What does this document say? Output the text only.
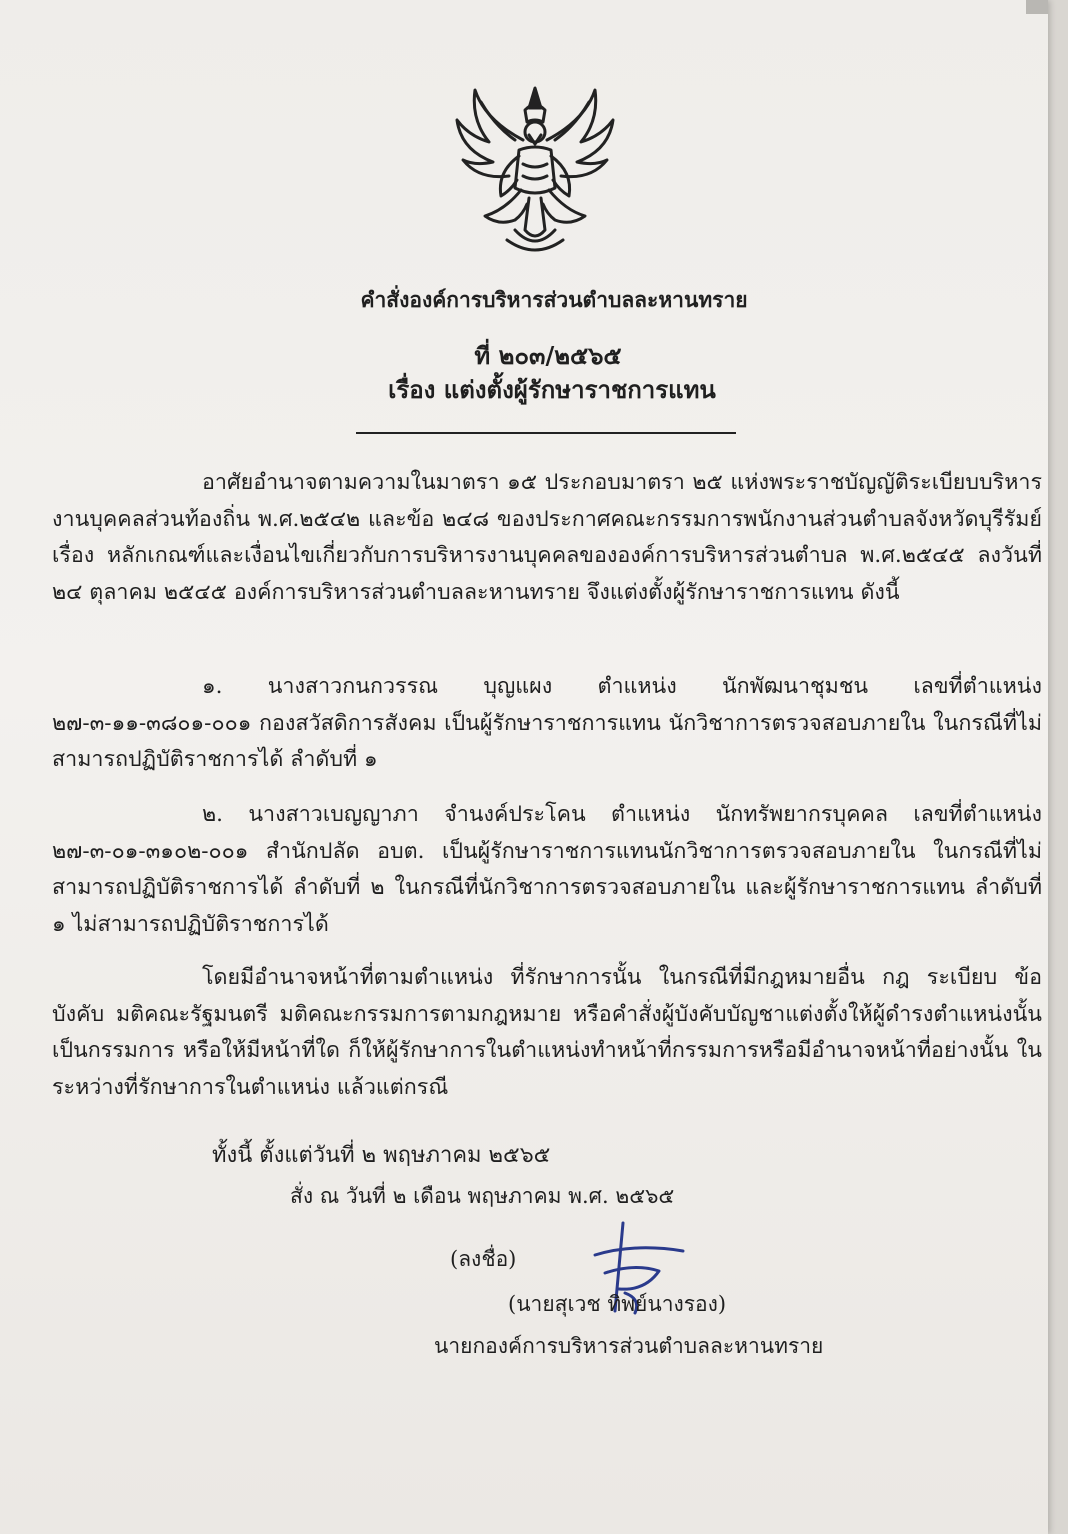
คำสั่งองค์การบริหารส่วนตำบลละหานทราย
ที่ ๒๐๓/๒๕๖๕
เรื่อง แต่งตั้งผู้รักษาราชการแทน
อาศัยอำนาจตามความในมาตรา ๑๕ ประกอบมาตรา ๒๕ แห่งพระราชบัญญัติระเบียบบริหารงานบุคคลส่วนท้องถิ่น พ.ศ.๒๕๔๒ และข้อ ๒๔๘ ของประกาศคณะกรรมการพนักงานส่วนตำบลจังหวัดบุรีรัมย์ เรื่อง หลักเกณฑ์และเงื่อนไขเกี่ยวกับการบริหารงานบุคคลขององค์การบริหารส่วนตำบล พ.ศ.๒๕๔๕ ลงวันที่ ๒๔ ตุลาคม ๒๕๔๕ องค์การบริหารส่วนตำบลละหานทราย จึงแต่งตั้งผู้รักษาราชการแทน ดังนี้
๑. นางสาวกนกวรรณ บุญแผง ตำแหน่ง นักพัฒนาชุมชน เลขที่ตำแหน่ง ๒๗-๓-๑๑-๓๘๐๑-๐๐๑ กองสวัสดิการสังคม เป็นผู้รักษาราชการแทน นักวิชาการตรวจสอบภายใน ในกรณีที่ไม่สามารถปฏิบัติราชการได้ ลำดับที่ ๑
๒. นางสาวเบญญาภา จำนงค์ประโคน ตำแหน่ง นักทรัพยากรบุคคล เลขที่ตำแหน่ง ๒๗-๓-๐๑-๓๑๐๒-๐๐๑ สำนักปลัด อบต. เป็นผู้รักษาราชการแทนนักวิชาการตรวจสอบภายใน ในกรณีที่ไม่สามารถปฏิบัติราชการได้ ลำดับที่ ๒ ในกรณีที่นักวิชาการตรวจสอบภายใน และผู้รักษาราชการแทน ลำดับที่ ๑ ไม่สามารถปฏิบัติราชการได้
โดยมีอำนาจหน้าที่ตามตำแหน่ง ที่รักษาการนั้น ในกรณีที่มีกฎหมายอื่น กฎ ระเบียบ ข้อบังคับ มติคณะรัฐมนตรี มติคณะกรรมการตามกฎหมาย หรือคำสั่งผู้บังคับบัญชาแต่งตั้งให้ผู้ดำรงตำแหน่งนั้นเป็นกรรมการ หรือให้มีหน้าที่ใด ก็ให้ผู้รักษาการในตำแหน่งทำหน้าที่กรรมการหรือมีอำนาจหน้าที่อย่างนั้น ในระหว่างที่รักษาการในตำแหน่ง แล้วแต่กรณี
ทั้งนี้ ตั้งแต่วันที่ ๒ พฤษภาคม ๒๕๖๕
สั่ง ณ วันที่ ๒ เดือน พฤษภาคม พ.ศ. ๒๕๖๕
(ลงชื่อ)
(นายสุเวช ทิพย์นางรอง)
นายกองค์การบริหารส่วนตำบลละหานทราย
